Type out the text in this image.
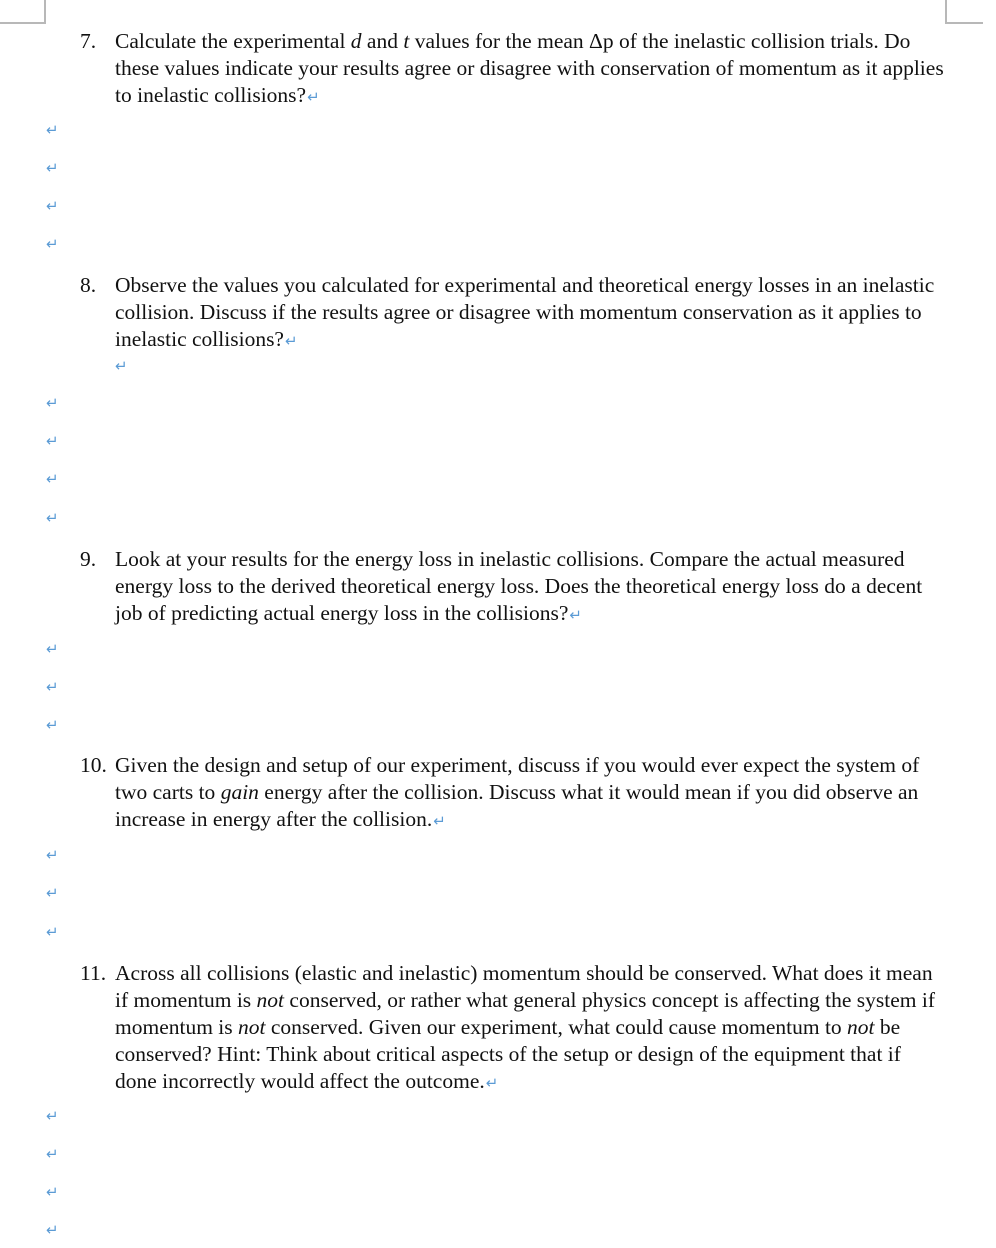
7. Calculate the experimental d and t values for the mean Δp of the inelastic collision trials. Do these values indicate your results agree or disagree with conservation of momentum as it applies to inelastic collisions?↵
↵
↵
↵
↵
8. Observe the values you calculated for experimental and theoretical energy losses in an inelastic collision. Discuss if the results agree or disagree with momentum conservation as it applies to inelastic collisions?↵
↵
↵
↵
↵
↵
9. Look at your results for the energy loss in inelastic collisions. Compare the actual measured energy loss to the derived theoretical energy loss. Does the theoretical energy loss do a decent job of predicting actual energy loss in the collisions?↵
↵
↵
↵
10. Given the design and setup of our experiment, discuss if you would ever expect the system of two carts to gain energy after the collision. Discuss what it would mean if you did observe an increase in energy after the collision.↵
↵
↵
↵
11. Across all collisions (elastic and inelastic) momentum should be conserved. What does it mean if momentum is not conserved, or rather what general physics concept is affecting the system if momentum is not conserved. Given our experiment, what could cause momentum to not be conserved? Hint: Think about critical aspects of the setup or design of the equipment that if done incorrectly would affect the outcome.↵
↵
↵
↵
↵
